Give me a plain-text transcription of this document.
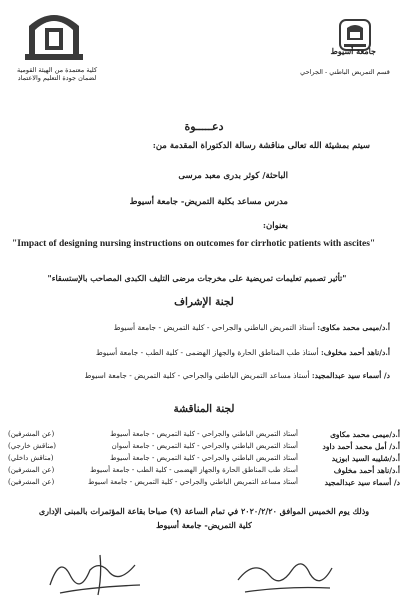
جامعة أسيوط
قسم التمريض الباطني - الجراحي
كلية معتمدة من الهيئة القومية لضمان جودة التعليم والاعتماد
دعـــــوة
سيتم بمشيئة الله تعالى مناقشة رسالة الدكتوراة المقدمة من:
الباحثة/ كوثر بدرى معبد مرسى
مدرس مساعد بكلية التمريض- جامعة أسيوط
بعنوان:
"Impact of designing nursing instructions on outcomes for cirrhotic patients with ascites"
"تأثير تصميم تعليمات تمريضية على مخرجات مرضى التليف الكبدى المصاحب بالإستسقاء"
لجنة الإشراف
أ.د/ميمى محمد مكاوى: أستاذ التمريض الباطني والجراحي - كلية التمريض - جامعة أسيوط
أ.د/ناهد أحمد مخلوف: أستاذ طب المناطق الحارة والجهاز الهضمى - كلية الطب - جامعة أسيوط
د/ أسماء سيد عبدالمجيد: أستاذ مساعد التمريض الباطني والجراحي - كلية التمريض - جامعة اسيوط
لجنة المناقشة
أ.د/ميمى محمد مكاوى
أستاذ التمريض الباطني والجراحي - كلية التمريض - جامعة أسيوط
(عن المشرفين)
أ.د/ أمل محمد أحمد داود
أستاذ التمريض الباطني والجراحي - كلية التمريض - جامعة أسوان
(مناقش خارجي)
أ.د/شليبه السيد ابوزيد
أستاذ التمريض الباطني والجراحي - كلية التمريض - جامعة أسيوط
(مناقش داخلي)
أ.د/ناهد أحمد مخلوف
أستاذ طب المناطق الحارة والجهاز الهضمى - كلية الطب - جامعة أسيوط
(عن المشرفين)
د/ أسماء سيد عبدالمجيد
أستاذ مساعد التمريض الباطني والجراحي - كلية التمريض - جامعة اسيوط
(عن المشرفين)
وذلك يوم الخميس الموافق ٢٠٢٠/٢/٢٠ في تمام الساعة (٩) صباحا بقاعة المؤتمرات بالمبنى الإدارى
كلية التمريض- جامعة أسيوط
